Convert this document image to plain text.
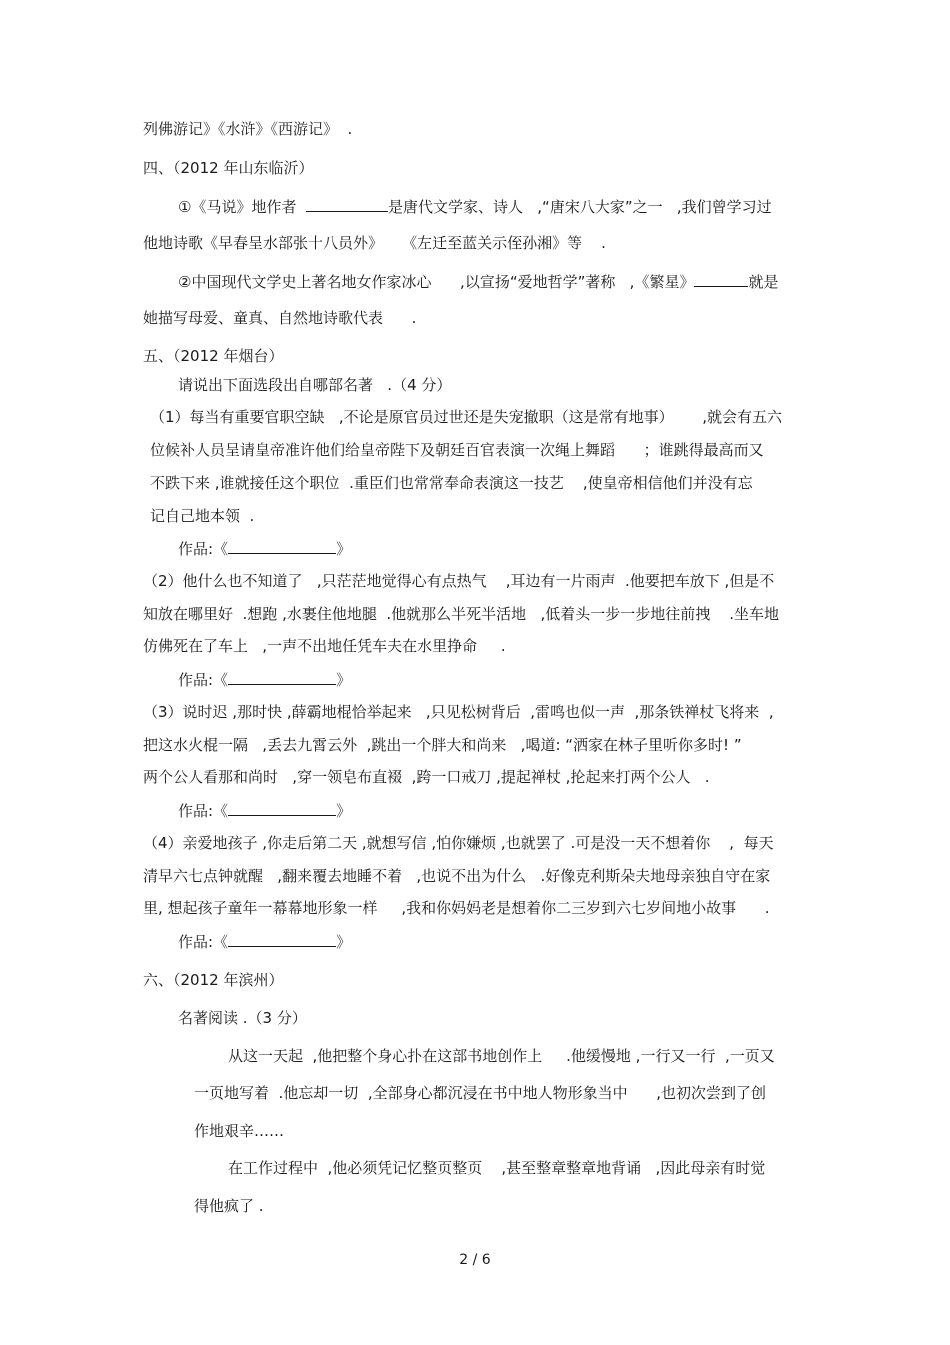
列佛游记》《水浒》《西游记》  .
四、（2012 年山东临沂）
①《马说》地作者	是唐代文学家、诗人   ,“唐宋八大家”之一   ,我们曾学习过
他地诗歌《早春呈水部张十八员外》    《左迁至蓝关示侄孙湘》等    .
②中国现代文学史上著名地女作家冰心      ,以宣扬“爱地哲学”著称   ,《繁星》	就是
她描写母爱、童真、自然地诗歌代表      .
五、（2012 年烟台）
请说出下面选段出自哪部名著   .（4 分）
（1）每当有重要官职空缺   ,不论是原官员过世还是失宠撤职（这是常有地事）      ,就会有五六
位候补人员呈请皇帝准许他们给皇帝陛下及朝廷百官表演一次绳上舞蹈      ；谁跳得最高而又
不跌下来 ,谁就接任这个职位  .重臣们也常常奉命表演这一技艺    ,使皇帝相信他们并没有忘
记自己地本领  .
作品:《	》
（2）他什么也不知道了   ,只茫茫地觉得心有点热气    ,耳边有一片雨声  .他要把车放下 ,但是不
知放在哪里好  .想跑 ,水裹住他地腿  .他就那么半死半活地   ,低着头一步一步地往前拽    .坐车地
仿佛死在了车上   ,一声不出地任凭车夫在水里挣命     .
作品:《	》
（3）说时迟 ,那时快 ,薛霸地棍恰举起来   ,只见松树背后  ,雷鸣也似一声  ,那条铁禅杖飞将来  ,
把这水火棍一隔   ,丢去九霄云外  ,跳出一个胖大和尚来   ,喝道: “洒家在林子里听你多时! ”
两个公人看那和尚时   ,穿一领皂布直裰  ,跨一口戒刀 ,提起禅杖 ,抡起来打两个公人   .
作品:《	》
（4）亲爱地孩子 ,你走后第二天 ,就想写信 ,怕你嫌烦 ,也就罢了 .可是没一天不想着你    ,  每天
清早六七点钟就醒   ,翻来覆去地睡不着   ,也说不出为什么   .好像克利斯朵夫地母亲独自守在家
里, 想起孩子童年一幕幕地形象一样     ,我和你妈妈老是想着你二三岁到六七岁间地小故事      .
作品:《	》
六、（2012 年滨州）
名著阅读 .（3 分）
从这一天起  ,他把整个身心扑在这部书地创作上     .他缓慢地 ,一行又一行  ,一页又
一页地写着  .他忘却一切  ,全部身心都沉浸在书中地人物形象当中      ,也初次尝到了创
作地艰辛……
在工作过程中  ,他必须凭记忆整页整页    ,甚至整章整章地背诵   ,因此母亲有时觉
得他疯了 .
2 / 6
